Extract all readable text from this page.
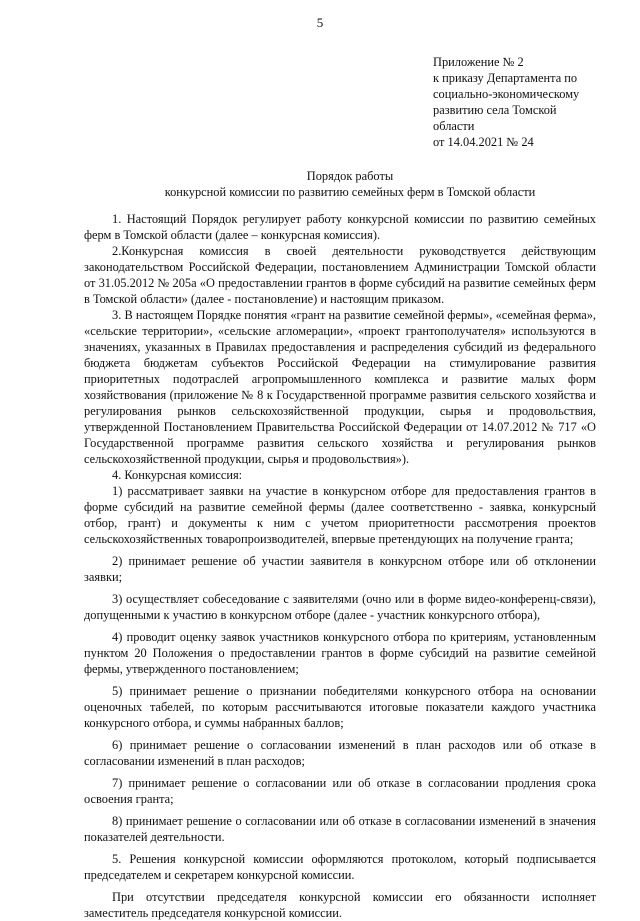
5
Приложение № 2
к приказу Департамента по
социально-экономическому
развитию села Томской
области
от 14.04.2021 № 24
Порядок работы
конкурсной комиссии по развитию семейных ферм в Томской области

1. Настоящий Порядок регулирует работу конкурсной комиссии по развитию семейных ферм в Томской области (далее – конкурсная комиссия).

2.Конкурсная комиссия в своей деятельности руководствуется действующим законодательством Российской Федерации, постановлением Администрации Томской области от 31.05.2012 № 205а «О предоставлении грантов в форме субсидий на развитие семейных ферм в Томской области» (далее - постановление) и настоящим приказом.

3. В настоящем Порядке понятия «грант на развитие семейной фермы», «семейная ферма», «сельские территории», «сельские агломерации», «проект грантополучателя» используются в значениях, указанных в Правилах предоставления и распределения субсидий из федерального бюджета бюджетам субъектов Российской Федерации на стимулирование развития приоритетных подотраслей агропромышленного комплекса и развитие малых форм хозяйствования (приложение № 8 к Государственной программе развития сельского хозяйства и регулирования рынков сельскохозяйственной продукции, сырья и продовольствия, утвержденной Постановлением Правительства Российской Федерации от 14.07.2012 № 717 «О Государственной программе развития сельского хозяйства и регулирования рынков сельскохозяйственной продукции, сырья и продовольствия»).

4. Конкурсная комиссия:

1) рассматривает заявки на участие в конкурсном отборе для предоставления грантов в форме субсидий на развитие семейной фермы (далее соответственно - заявка, конкурсный отбор, грант) и документы к ним с учетом приоритетности рассмотрения проектов сельскохозяйственных товаропроизводителей, впервые претендующих на получение гранта;

2) принимает решение об участии заявителя в конкурсном отборе или об отклонении заявки;

3) осуществляет собеседование с заявителями (очно или в форме видео-конференц-связи), допущенными к участию в конкурсном отборе (далее - участник конкурсного отбора),

4) проводит оценку заявок участников конкурсного отбора по критериям, установленным пунктом 20 Положения о предоставлении грантов в форме субсидий на развитие семейной фермы, утвержденного постановлением;

5) принимает решение о признании победителями конкурсного отбора на основании оценочных табелей, по которым рассчитываются итоговые показатели каждого участника конкурсного отбора, и суммы набранных баллов;

6) принимает решение о согласовании изменений в план расходов или об отказе в согласовании изменений в план расходов;

7) принимает решение о согласовании или об отказе в согласовании продления срока освоения гранта;

8) принимает решение о согласовании или об отказе в согласовании изменений в значения показателей деятельности.

5. Решения конкурсной комиссии оформляются протоколом, который подписывается председателем и секретарем конкурсной комиссии.

При отсутствии председателя конкурсной комиссии его обязанности исполняет заместитель председателя конкурсной комиссии.
